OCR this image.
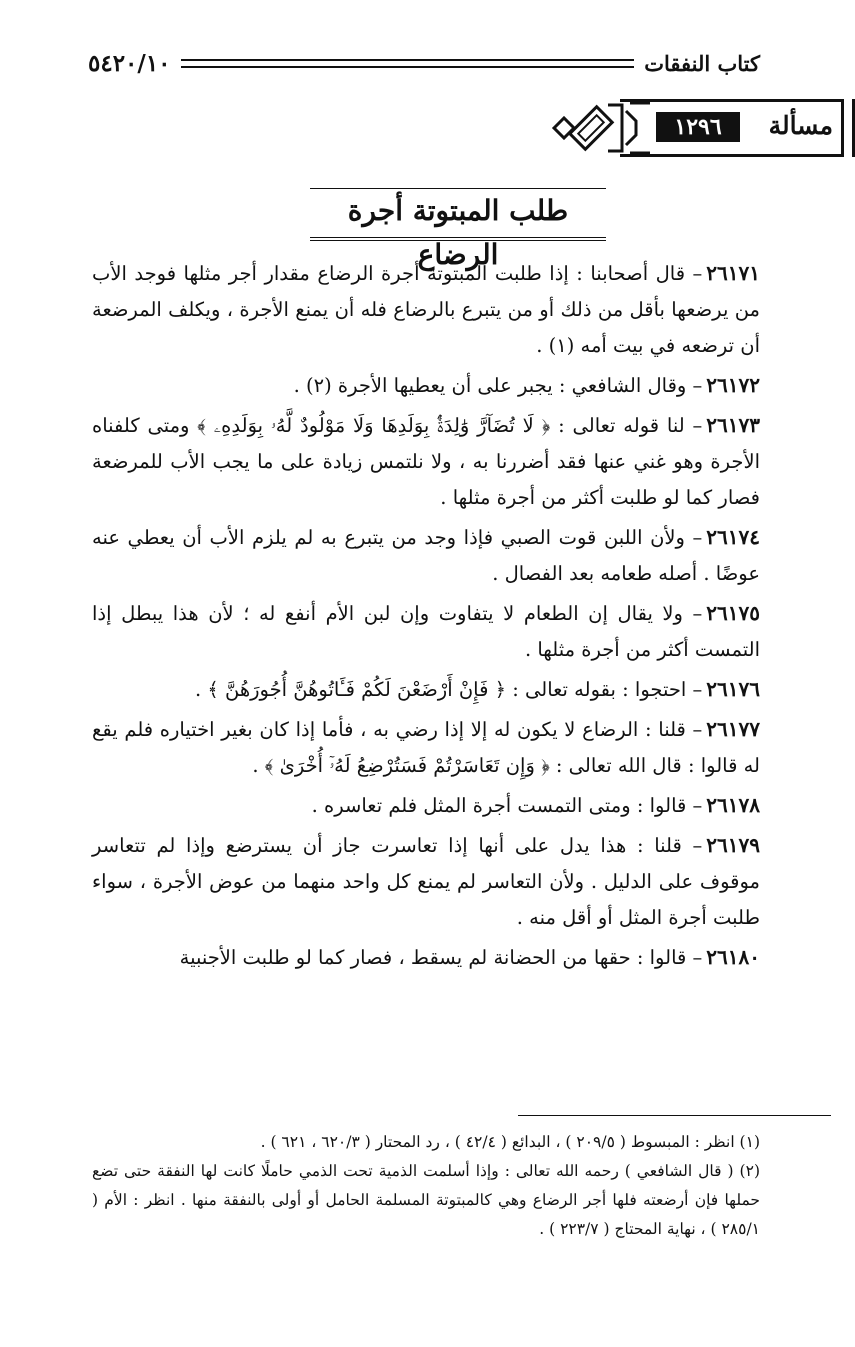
كتاب النفقات
٥٤٢٠/١٠
مسألة
١٢٩٦
طلب المبتوتة أجرة الرضاع

٢٦١٧١– قال أصحابنا : إذا طلبت المبتوتة أجرة الرضاع مقدار أجر مثلها فوجد الأب من يرضعها بأقل من ذلك أو من يتبرع بالرضاع فله أن يمنع الأجرة ، ويكلف المرضعة أن ترضعه في بيت أمه (١) .

٢٦١٧٢– وقال الشافعي : يجبر على أن يعطيها الأجرة (٢) .

٢٦١٧٣– لنا قوله تعالى : ﴿ لَا تُضَآرَّ وَٰلِدَةٌۢ بِوَلَدِهَا وَلَا مَوْلُودٌ لَّهُۥ بِوَلَدِهِۦ ﴾ ومتى كلفناه الأجرة وهو غني عنها فقد أضررنا به ، ولا نلتمس زيادة على ما يجب الأب للمرضعة فصار كما لو طلبت أكثر من أجرة مثلها .

٢٦١٧٤– ولأن اللبن قوت الصبي فإذا وجد من يتبرع به لم يلزم الأب أن يعطي عنه عوضًا . أصله طعامه بعد الفصال .

٢٦١٧٥– ولا يقال إن الطعام لا يتفاوت وإن لبن الأم أنفع له ؛ لأن هذا يبطل إذا التمست أكثر من أجرة مثلها .

٢٦١٧٦– احتجوا : بقوله تعالى : ﴿ فَإِنْ أَرْضَعْنَ لَكُمْ فَـَٔاتُوهُنَّ أُجُورَهُنَّ ﴾ .

٢٦١٧٧– قلنا : الرضاع لا يكون له إلا إذا رضي به ، فأما إذا كان بغير اختياره فلم يقع له قالوا : قال الله تعالى : ﴿ وَإِن تَعَاسَرْتُمْ فَسَتُرْضِعُ لَهُۥٓ أُخْرَىٰ ﴾ .

٢٦١٧٨– قالوا : ومتى التمست أجرة المثل فلم تعاسره .

٢٦١٧٩– قلنا : هذا يدل على أنها إذا تعاسرت جاز أن يسترضع وإذا لم تتعاسر موقوف على الدليل . ولأن التعاسر لم يمنع كل واحد منهما من عوض الأجرة ، سواء طلبت أجرة المثل أو أقل منه .

٢٦١٨٠– قالوا : حقها من الحضانة لم يسقط ، فصار كما لو طلبت الأجنبية

(١) انظر : المبسوط ( ٢٠٩/٥ ) ، البدائع ( ٤٢/٤ ) ، رد المحتار ( ٦٢٠/٣ ، ٦٢١ ) .

(٢) ( قال الشافعي ) رحمه الله تعالى : وإذا أسلمت الذمية تحت الذمي حاملًا كانت لها النفقة حتى تضع حملها فإن أرضعته فلها أجر الرضاع وهي كالمبتوتة المسلمة الحامل أو أولى بالنفقة منها . انظر : الأم ( ٢٨٥/١ ) ، نهاية المحتاج ( ٢٢٣/٧ ) .
